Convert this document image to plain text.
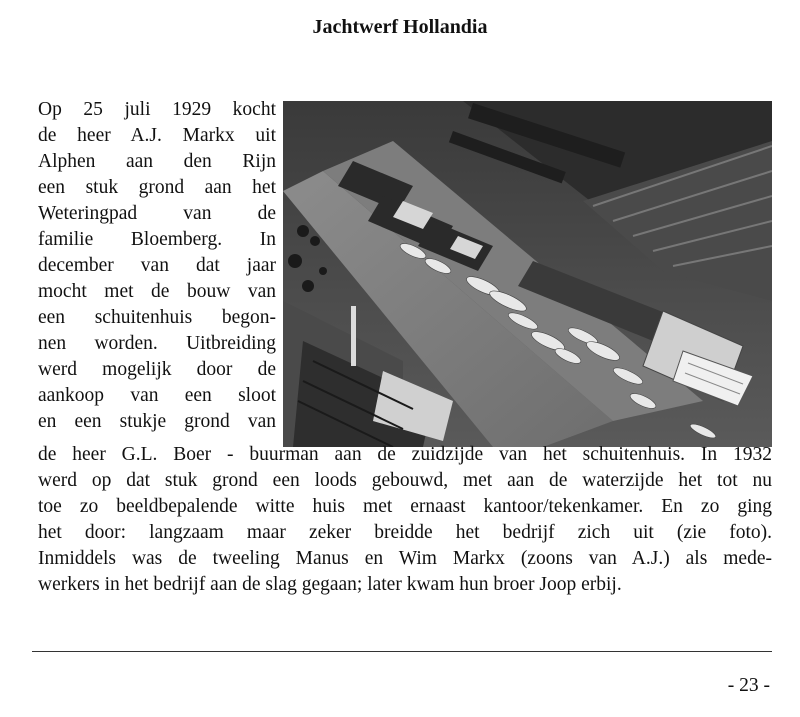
Jachtwerf Hollandia
Op 25 juli 1929 kocht
de heer A.J. Markx uit
Alphen aan den Rijn
een stuk grond aan het
Weteringpad van de
familie Bloemberg. In
december van dat jaar
mocht met de bouw van
een schuitenhuis begon-
nen worden. Uitbreiding
werd mogelijk door de
aankoop van een sloot
en een stukje grond van
de heer G.L. Boer - buurman aan de zuidzijde van het schuitenhuis. In 1932
werd op dat stuk grond een loods gebouwd, met aan de waterzijde het tot nu
toe zo beeldbepalende witte huis met ernaast kantoor/tekenkamer. En zo ging
het door: langzaam maar zeker breidde het bedrijf zich uit (zie foto).
Inmiddels was de tweeling Manus en Wim Markx (zoons van A.J.) als mede-
werkers in het bedrijf aan de slag gegaan; later kwam hun broer Joop erbij.
- 23 -
